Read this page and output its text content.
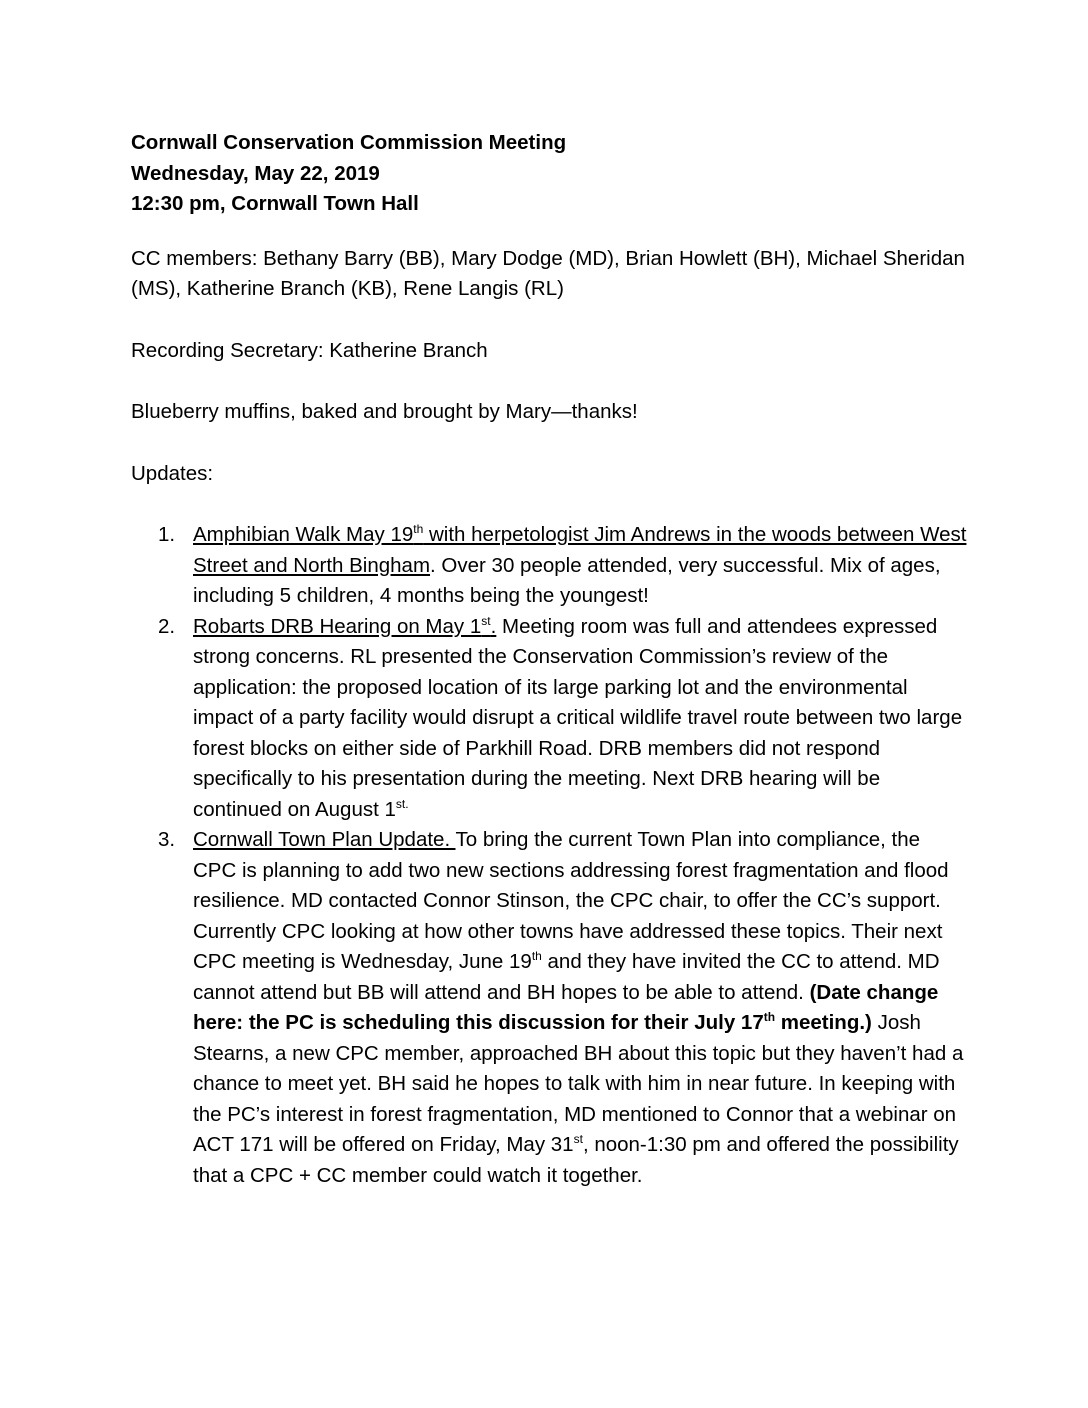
Cornwall Conservation Commission Meeting
Wednesday, May 22, 2019
12:30 pm, Cornwall Town Hall

CC members: Bethany Barry (BB), Mary Dodge (MD), Brian Howlett (BH), Michael Sheridan (MS), Katherine Branch (KB), Rene Langis (RL)

Recording Secretary: Katherine Branch

Blueberry muffins, baked and brought by Mary—thanks!

Updates:
1. Amphibian Walk May 19th with herpetologist Jim Andrews in the woods between West Street and North Bingham. Over 30 people attended, very successful. Mix of ages, including 5 children, 4 months being the youngest!
2. Robarts DRB Hearing on May 1st. Meeting room was full and attendees expressed strong concerns. RL presented the Conservation Commission’s review of the application: the proposed location of its large parking lot and the environmental impact of a party facility would disrupt a critical wildlife travel route between two large forest blocks on either side of Parkhill Road. DRB members did not respond specifically to his presentation during the meeting. Next DRB hearing will be continued on August $1^{st.}$
3. Cornwall Town Plan Update. To bring the current Town Plan into compliance, the CPC is planning to add two new sections addressing forest fragmentation and flood resilience. MD contacted Connor Stinson, the CPC chair, to offer the CC’s support. Currently CPC looking at how other towns have addressed these topics. Their next CPC meeting is Wednesday, June 19th and they have invited the CC to attend. MD cannot attend but BB will attend and BH hopes to be able to attend. (Date change here: the PC is scheduling this discussion for their July 17th meeting.) Josh Stearns, a new CPC member, approached BH about this topic but they haven’t had a chance to meet yet. BH said he hopes to talk with him in near future. In keeping with the PC’s interest in forest fragmentation, MD mentioned to Connor that a webinar on ACT 171 will be offered on Friday, May 31st, noon-1:30 pm and offered the possibility that a CPC + CC member could watch it together.
